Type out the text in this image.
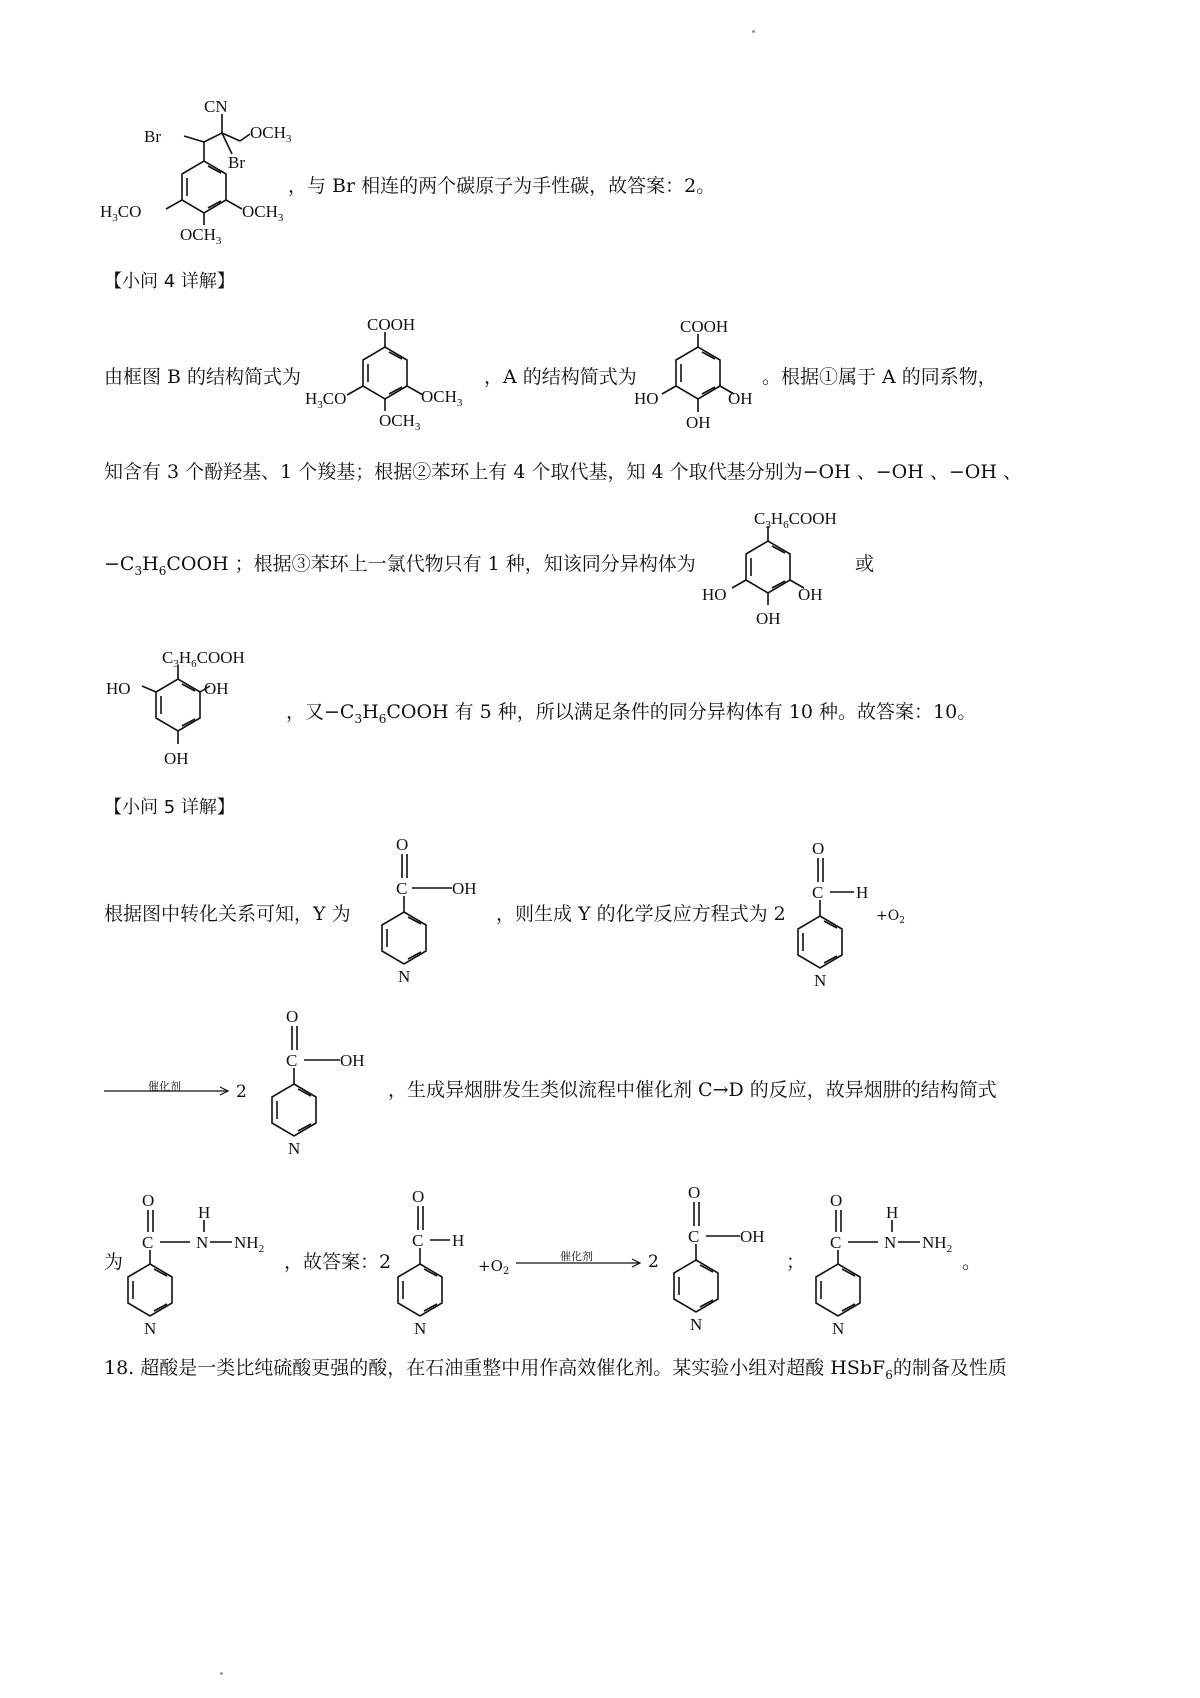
CN
Br
Br
$OCH_3$
$H_3CO$	$OCH_3$
$OCH_3$
，与 Br 相连的两个碳原子为手性碳，故答案：2。
【小问 4 详解】
由框图 B 的结构简式为
COOH
$H_3CO$	$OCH_3$
$OCH_3$
，A 的结构简式为
COOH
HO	OH
OH
。根据①属于 A 的同系物，
知含有 3 个酚羟基、1 个羧基；根据②苯环上有 4 个取代基，知 4 个取代基分别为−OH 、−OH 、−OH 、
$-C_3H_6COOH$ ；根据③苯环上一氯代物只有 1 种，知该同分异构体为
$C_3H_6COOH$
HO	OH
OH
或
$C_3H_6COOH$
HO	OH
OH
，又$-C_3H_6COOH$ 有 5 种，所以满足条件的同分异构体有 10 种。故答案：10。
【小问 5 详解】
根据图中转化关系可知，Y 为
O
C	OH
N
，则生成 Y 的化学反应方程式为 2
O
C H
N
$+O_2$
催化剂	2
O
C	OH
N
，生成异烟肼发生类似流程中催化剂 C→D 的反应，故异烟肼的结构简式
为
O
C
H
N $NH_2$
N
，故答案：2
O
C H
N
$+O_2$
催化剂	2
O
C OH
N
；
O
C
H
N $NH_2$
N
。
18. 超酸是一类比纯硫酸更强的酸，在石油重整中用作高效催化剂。某实验小组对超酸 HSbF$_6$的制备及性质
